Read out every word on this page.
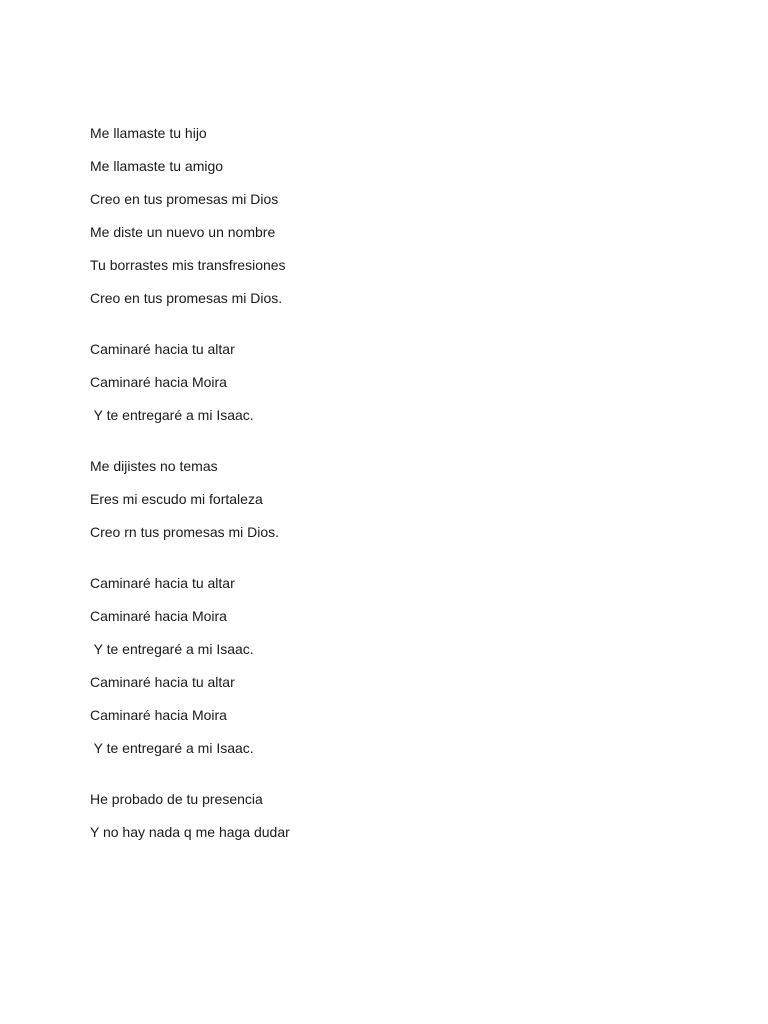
Me llamaste tu hijo
Me llamaste tu amigo
Creo en tus promesas mi Dios
Me diste un nuevo un nombre
Tu borrastes mis transfresiones
Creo en tus promesas mi Dios.
Caminaré hacia tu altar
Caminaré hacia Moira
Y te entregaré a mi Isaac.
Me dijistes no temas
Eres mi escudo mi fortaleza
Creo rn tus promesas mi Dios.
Caminaré hacia tu altar
Caminaré hacia Moira
Y te entregaré a mi Isaac.
Caminaré hacia tu altar
Caminaré hacia Moira
Y te entregaré a mi Isaac.
He probado de tu presencia
Y no hay nada q me haga dudar
